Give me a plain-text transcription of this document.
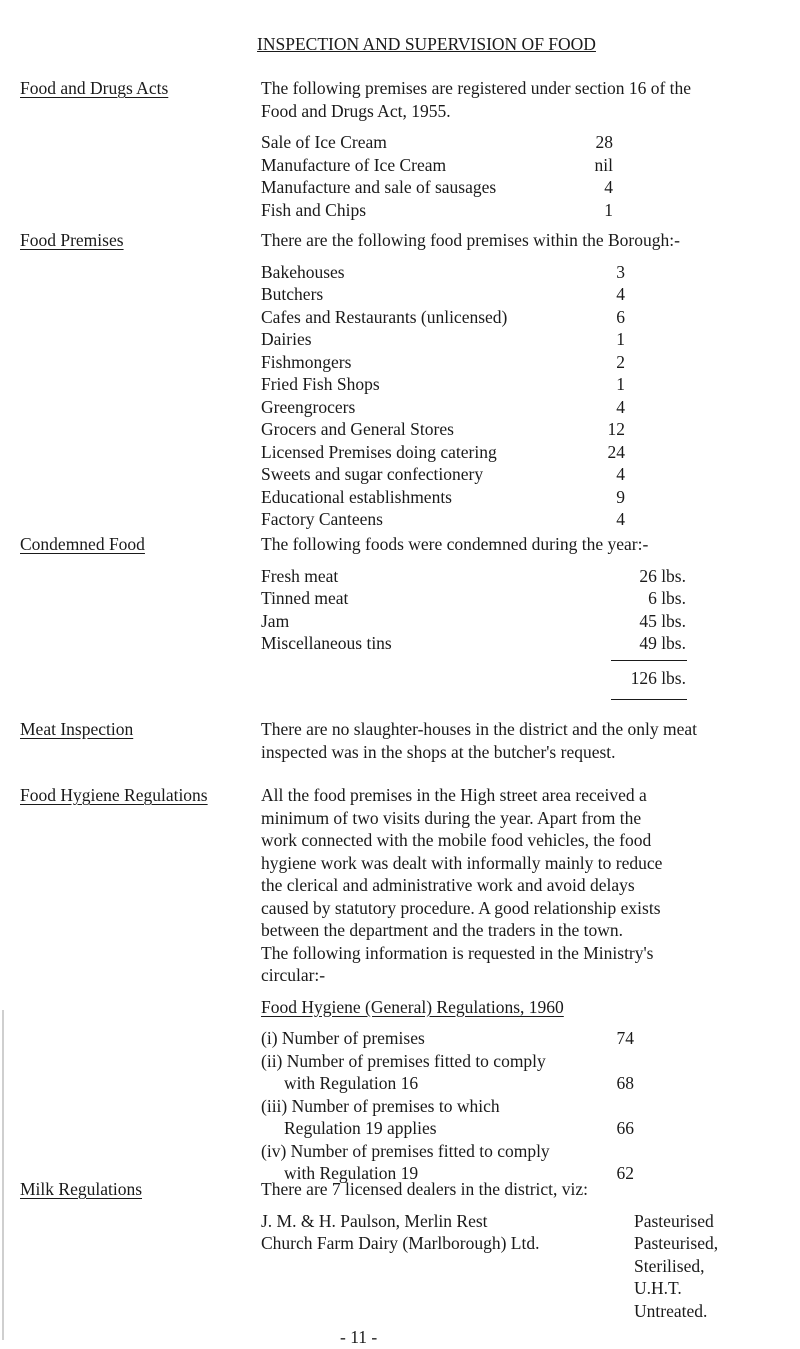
INSPECTION AND SUPERVISION OF FOOD
Food and Drugs Acts	The following premises are registered under section 16 of the Food and Drugs Act, 1955.

Sale of Ice Cream	28
Manufacture of Ice Cream	nil
Manufacture and sale of sausages	4
Fish and Chips	1
Food Premises	There are the following food premises within the Borough:-

Bakehouses	3
Butchers	4
Cafes and Restaurants (unlicensed)	6
Dairies	1
Fishmongers	2
Fried Fish Shops	1
Greengrocers	4
Grocers and General Stores	12
Licensed Premises doing catering	24
Sweets and sugar confectionery	4
Educational establishments	9
Factory Canteens	4
Condemned Food	The following foods were condemned during the year:-

Fresh meat	26 lbs.
Tinned meat	6 lbs.
Jam	45 lbs.
Miscellaneous tins	49 lbs.
126 lbs.
Meat Inspection	There are no slaughter-houses in the district and the only meat inspected was in the shops at the butcher's request.

Food Hygiene Regulations	All the food premises in the High street area received a
minimum of two visits during the year. Apart from the
work connected with the mobile food vehicles, the food
hygiene work was dealt with informally mainly to reduce
the clerical and administrative work and avoid delays
caused by statutory procedure. A good relationship exists
between the department and the traders in the town.
The following information is requested in the Ministry's
circular:-
Food Hygiene (General) Regulations, 1960
(i) Number of premises	74
(ii) Number of premises fitted to comply
with Regulation 16	68
(iii) Number of premises to which
Regulation 19 applies	66
(iv) Number of premises fitted to comply
with Regulation 19	62
Milk Regulations	There are 7 licensed dealers in the district, viz:

J. M. & H. Paulson, Merlin Rest	Pasteurised
Church Farm Dairy (Marlborough) Ltd.	Pasteurised,
Sterilised,
U.H.T.
Untreated.
- 11 -
